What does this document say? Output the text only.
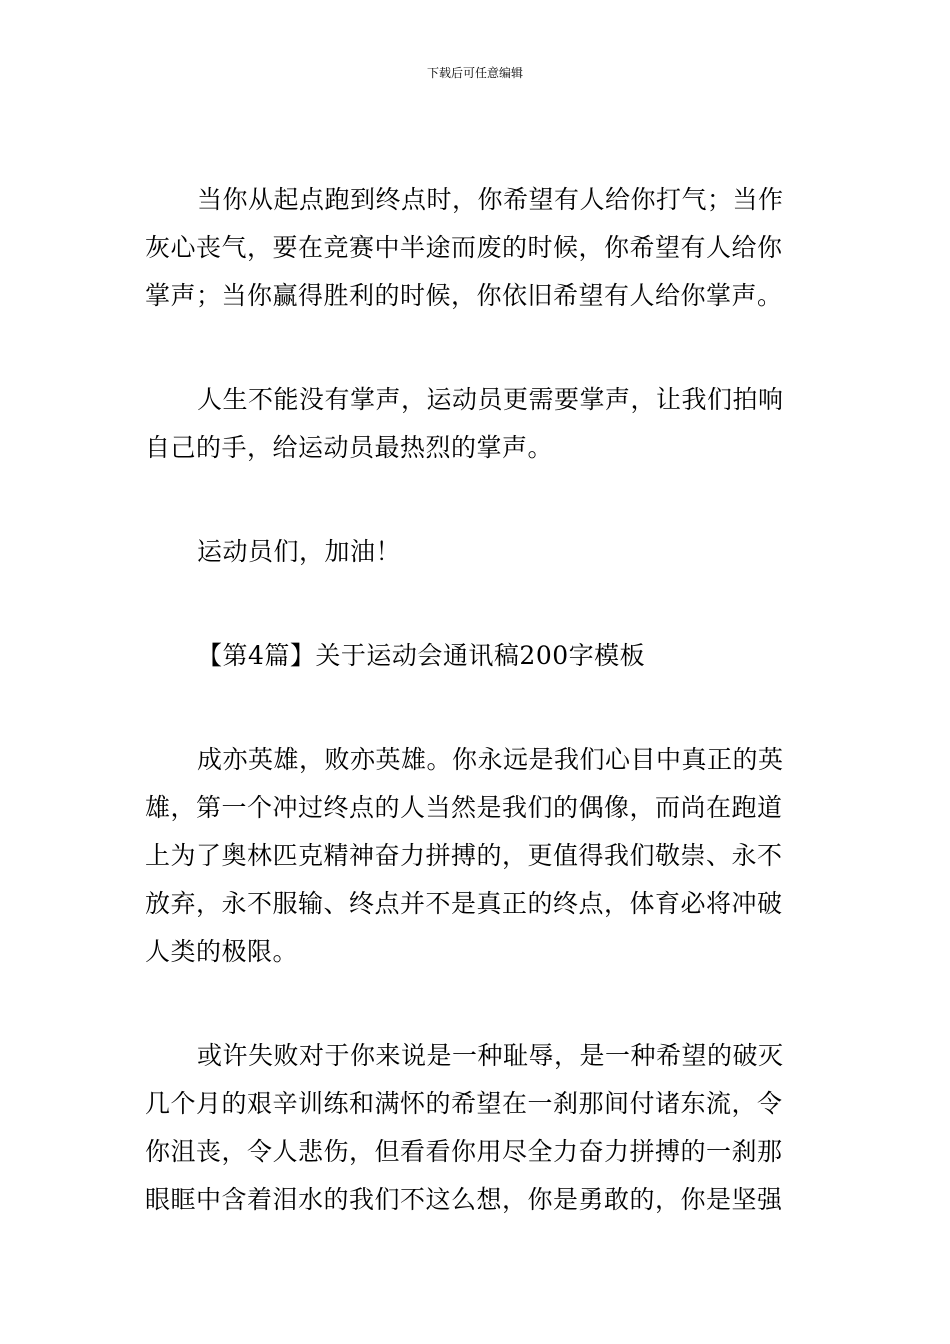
下载后可任意编辑

当你从起点跑到终点时，你希望有人给你打气；当作灰心丧气，要在竞赛中半途而废的时候，你希望有人给你掌声；当你赢得胜利的时候，你依旧希望有人给你掌声。

人生不能没有掌声，运动员更需要掌声，让我们拍响自己的手，给运动员最热烈的掌声。

运动员们，加油！

【第4篇】关于运动会通讯稿200字模板

成亦英雄，败亦英雄。你永远是我们心目中真正的英雄，第一个冲过终点的人当然是我们的偶像，而尚在跑道上为了奥林匹克精神奋力拼搏的，更值得我们敬崇、永不放弃，永不服输、终点并不是真正的终点，体育必将冲破人类的极限。

或许失败对于你来说是一种耻辱，是一种希望的破灭几个月的艰辛训练和满怀的希望在一刹那间付诸东流，令你沮丧，令人悲伤，但看看你用尽全力奋力拼搏的一刹那眼眶中含着泪水的我们不这么想，你是勇敢的，你是坚强
